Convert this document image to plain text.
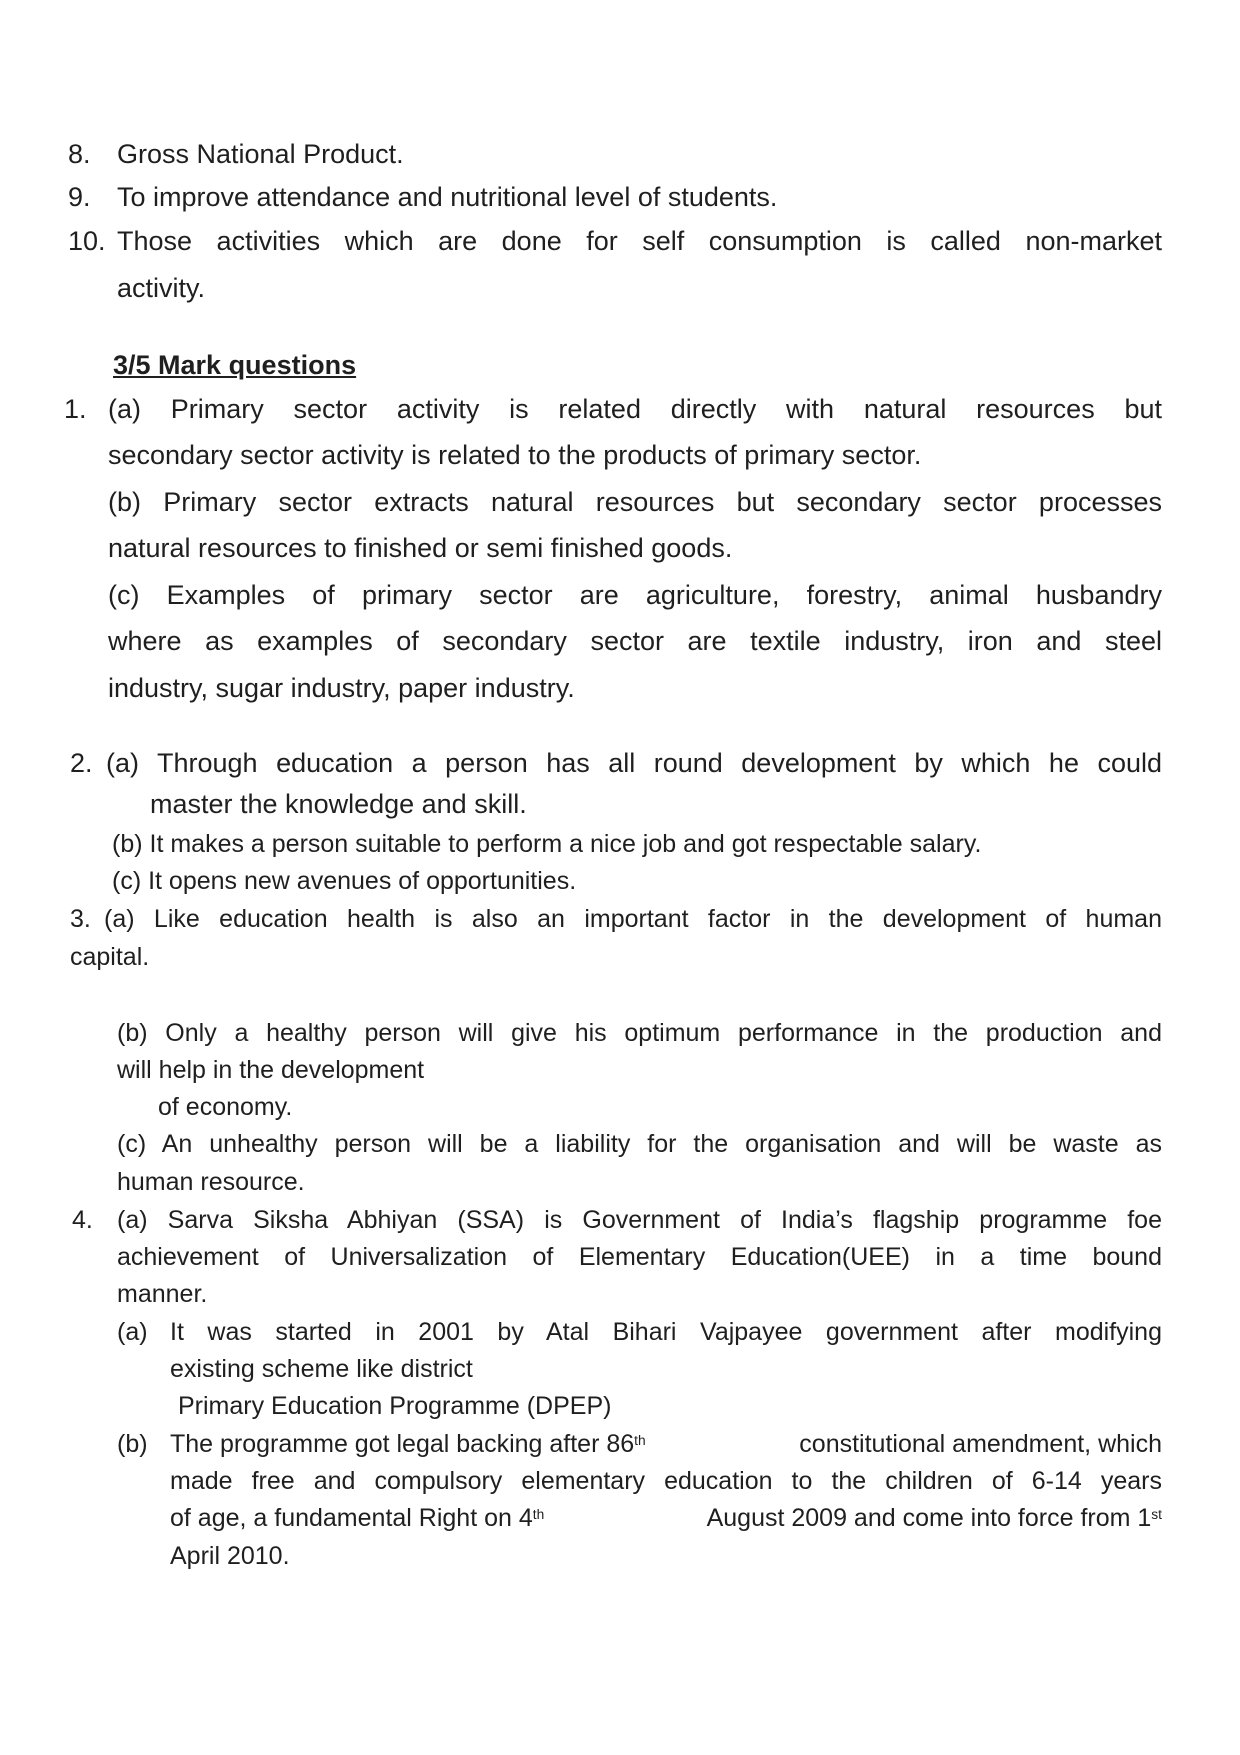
8. Gross National Product.
9. To improve attendance and nutritional level of students.
10. Those activities which are done for self consumption is called non-market
activity.
3/5 Mark questions
1. (a) Primary sector activity is related directly with natural resources but
secondary sector activity is related to the products of primary sector.
(b) Primary sector extracts natural resources but secondary sector processes
natural resources to finished or semi finished goods.
(c) Examples of primary sector are agriculture, forestry, animal husbandry
where as examples of secondary sector are textile industry, iron and steel
industry, sugar industry, paper industry.
2. (a) Through education a person has all round development by which he could
master the knowledge and skill.
(b) It makes a person suitable to perform a nice job and got respectable salary.
(c) It opens new avenues of opportunities.
3. (a) Like education health is also an important factor in the development of human
capital.
(b) Only a healthy person will give his optimum performance in the production and
will help in the development
of economy.
(c) An unhealthy person will be a liability for the organisation and will be waste as
human resource.
4. (a) Sarva Siksha Abhiyan (SSA) is Government of India’s flagship programme foe
achievement of Universalization of Elementary Education(UEE) in a time bound
manner.
(a) It was started in 2001 by Atal Bihari Vajpayee government after modifying
existing scheme like district
Primary Education Programme (DPEP)
(b) The programme got legal backing after 86th	constitutional amendment, which
made free and compulsory elementary education to the children of 6-14 years
of age, a fundamental Right on 4th	August 2009 and come into force from 1st
April 2010.
